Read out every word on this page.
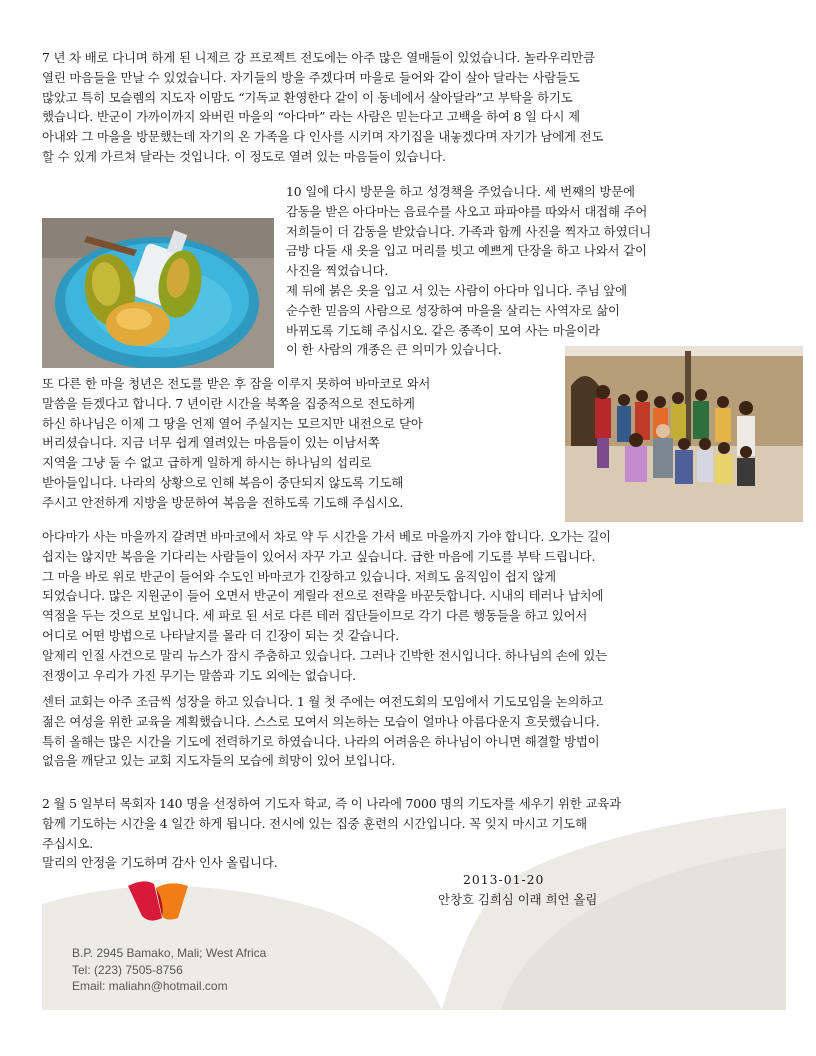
7 년 차 배로 다니며 하게 된 니제르 강 프로젝트 전도에는 아주 많은 열매들이 있었습니다. 놀라우리만큼
열린 마음들을 만날 수 있었습니다. 자기들의 방을 주겠다며 마을로 들어와 같이 살아 달라는 사람들도
많았고 특히 모슬렘의 지도자 이맘도 “기독교 환영한다 같이 이 동네에서 살아달라”고 부탁을 하기도
했습니다. 반군이 가까이까지 와버린 마을의 “아다마” 라는 사람은 믿는다고 고백을 하여 8 일 다시 제
아내와 그 마을을 방문했는데 자기의 온 가족을 다 인사를 시키며 자기집을 내놓겠다며 자기가 남에게 전도
할 수 있게 가르쳐 달라는 것입니다. 이 정도로 열려 있는 마음들이 있습니다.

10 일에 다시 방문을 하고 성경책을 주었습니다. 세 번째의 방문에
감동을 받은 아다마는 음료수를 사오고 파파야를 따와서 대접해 주어
저희들이 더 감동을 받았습니다. 가족과 함께 사진을 찍자고 하였더니
금방 다들 새 옷을 입고 머리를 빗고 예쁘게 단장을 하고 나와서 같이
사진을 찍었습니다.
제 뒤에 붉은 옷을 입고 서 있는 사람이 아다마 입니다. 주님 앞에
순수한 믿음의 사람으로 성장하여 마을을 살리는 사역자로 삶이
바뀌도록 기도해 주십시오. 같은 종족이 모여 사는 마을이라
이 한 사람의 개종은 큰 의미가 있습니다.

또 다른 한 마을 청년은 전도를 받은 후 잠을 이루지 못하여 바마코로 와서
말씀을 듣겠다고 합니다. 7 년이란 시간을 북쪽을 집중적으로 전도하게
하신 하나님은 이제 그 땅을 언제 열어 주실지는 모르지만 내전으로 닫아
버리셨습니다. 지금 너무 쉽게 열려있는 마음들이 있는 이남서쪽
지역을 그냥 둘 수 없고 급하게 일하게 하시는 하나님의 섭리로
받아들입니다. 나라의 상황으로 인해 복음이 중단되지 않도록 기도해
주시고 안전하게 지방을 방문하여 복음을 전하도록 기도해 주십시오.

아다마가 사는 마을까지 갈려면 바마코에서 차로 약 두 시간을 가서 베로 마을까지 가야 합니다. 오가는 길이
쉽지는 않지만 복음을 기다리는 사람들이 있어서 자꾸 가고 싶습니다. 급한 마음에 기도를 부탁 드립니다.
그 마을 바로 위로 반군이 들어와 수도인 바마코가 긴장하고 있습니다. 저희도 움직임이 쉽지 않게
되었습니다. 많은 지원군이 들어 오면서 반군이 게릴라 전으로 전략을 바꾼듯합니다. 시내의 테러나 납치에
역점을 두는 것으로 보입니다. 세 파로 된 서로 다른 테러 집단들이므로 각기 다른 행동들을 하고 있어서
어디로 어떤 방법으로 나타날지를 몰라 더 긴장이 되는 것 같습니다.
알제리 인질 사건으로 말리 뉴스가 잠시 주춤하고 있습니다. 그러나 긴박한 전시입니다. 하나님의 손에 있는
전쟁이고 우리가 가진 무기는 말씀과 기도 외에는 없습니다.

센터 교회는 아주 조금씩 성장을 하고 있습니다. 1 월 첫 주에는 여전도회의 모임에서 기도모임을 논의하고
젊은 여성을 위한 교육을 계획했습니다. 스스로 모여서 의논하는 모습이 얼마나 아름다운지 흐뭇했습니다.
특히 올해는 많은 시간을 기도에 전력하기로 하였습니다. 나라의 어려움은 하나님이 아니면 해결할 방법이
없음을 깨닫고 있는 교회 지도자들의 모습에 희망이 있어 보입니다.

2 월 5 일부터 목회자 140 명을 선정하여 기도자 학교, 즉 이 나라에 7000 명의 기도자를 세우기 위한 교육과
함께 기도하는 시간을 4 일간 하게 됩니다. 전시에 있는 집중 훈련의 시간입니다. 꼭 잊지 마시고 기도해
주십시오.
말리의 안정을 기도하며 감사 인사 올립니다.

2013-01-20

안창호 김희심 이래 희언 올림

B.P. 2945 Bamako, Mali; West Africa
Tel: (223) 7505-8756
Email: maliahn@hotmail.com
